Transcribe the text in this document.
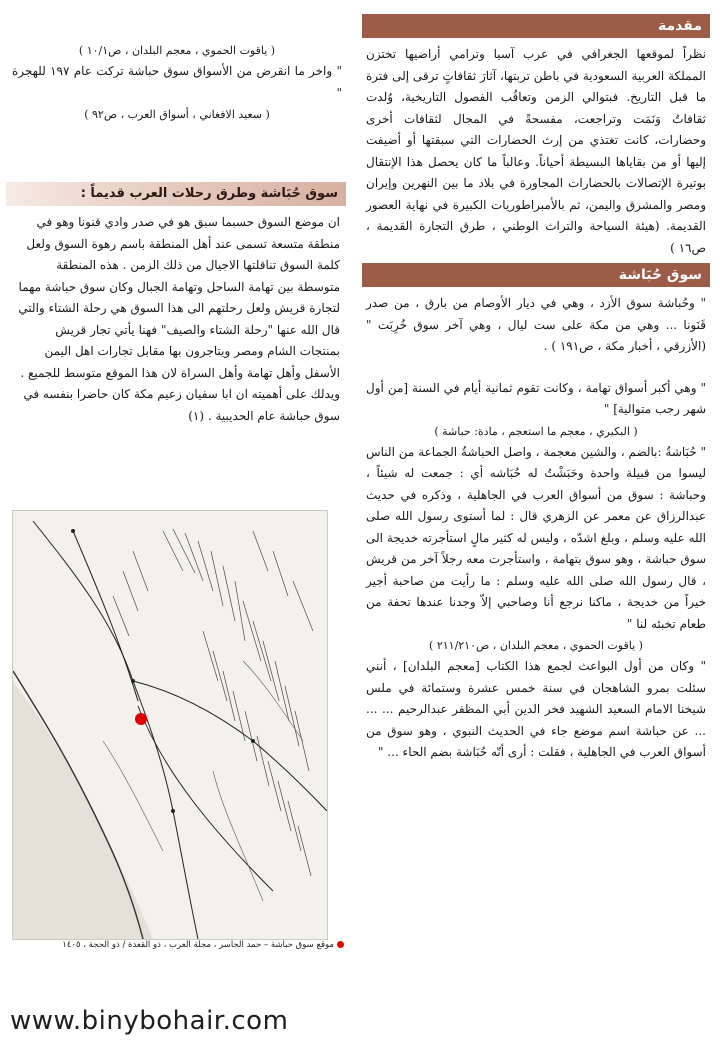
مقدمة

نظراً لموقعها الجغرافي في عرب آسيا وترامي أراضيها تختزن المملكة العربية السعودية في باطن تربتها، آثارَ ثقافاتٍ ترقى إلى فترة ما قبل التاريخ. فبتوالي الزمن وتعاقُب الفصول التاريخية، وُلدت ثقافاتٌ وَنَمَت وتراجعت، مفسحةً في المجال لثقافات أخرى وحضارات، كانت تغتذي من إرث الحضارات التي سبقتها أو أضيفت إليها أو من بقاياها البسيطة أحياناً. وعالباً ما كان يحصل هذا الإنتقال بوتيرة الإتصالات بالحضارات المجاورة في بلاد ما بين النهرين وإيران ومصر والمشرق واليمن، ثم بالأمبراطوريات الكبيرة في نهاية العصور القديمة. (هيئة السياحة والتراث الوطني ، طرق التجارة القديمة ، ص١٦ )

سوق حُبَاشة

" وحُباشة سوق الأزد ، وهي في ديار الأوصام من بارق ، من صدر قَنَونا ... وهي من مكة على ست ليال ، وهي آخر سوق خُرِبَت " (الأزرقي ، أخبار مكة ، ص١٩١ ) .

" وهي أكبر أسواق تهامة ، وكانت تقوم ثمانية أيام في السنة [من أول شهر رجب متوالية] "

( البكيري ، معجم ما استعجم ، مادة: حباشة )

" حُبَاشةُ :بالضم ، والشين معجمة ، واصل الحباشةُ الجماعة من الناس ليسوا من قبيلة واحدة وحَبَشْتُ له حُبَاشه أي : جمعت له شيئاً ، وحباشة : سوق من أسواق العرب في الجاهلية ، وذكره في حديث عبدالرزاق عن معمر عن الزهري قال : لما أستوى رسول الله صلى الله عليه وسلم ، وبلغ اشدّه ، وليس له كثير مالٍ استأجرته خديجة الى سوق حباشة ، وهو سوق بتهامة ، واستأجرت معه رجلاً آخر من قريش ، قال رسول الله صلى الله عليه وسلم : ما رأيت من صاحبة أجير خيراً من خديجة ، ماكنا نرجع أنا وصاحبي إلاّ وجدنا عندها تحفة من طعام تخبئه لنا "

( ياقوت الحموي ، معجم البلدان ، ص٢١١/٢١٠ )

" وكان من أول البواعث لجمع هذا الكتاب [معجم البلدان] ، أنني سئلت بمرو الشاهجان في سنة خمس عشرة وستمائة في ملس شيخنا الامام السعيد الشهيد فخر الدين أبي المظفر عبدالرحيم ... ... ... عن حباشة اسم موضع جاء في الحديث النبوي ، وهو سوق من أسواق العرب في الجاهلية ، فقلت : أرى أنّه حُبَاشة بضم الحاء ... "

( ياقوت الحموي ، معجم البلدان ، ص١٠/١ )

" واخر ما انقرض من الأسواق سوق حباشة تركت عام ١٩٧ للهجرة "

( سعيد الافغاني ، أسواق العرب ، ص٩٢ )

سوق حُبَاشة وطرق رحلات العرب قديماً :

ان موضع السوق حسبما سبق هو في صدر وادي قنونا وهو في منطقة متسعة تسمى عند أهل المنطقة باسم رهوة السوق ولعل كلمة السوق تناقلتها الاجيال من ذلك الزمن . هذه المنطقة متوسطة بين تهامة الساحل وتهامة الجبال وكان سوق حباشة مهما لتجارة قريش ولعل رحلتهم الى هذا السوق هي رحلة الشتاء والتي قال الله عنها "رحلة الشتاء والصيف" فهنا يأتي تجار قريش بمنتجات الشام ومصر ويتاجرون بها مقابل تجارات اهل اليمن الأسفل وأهل تهامة وأهل السراة لان هذا الموقع متوسط للجميع . ويدلك على أهميته ان ابا سفيان زعيم مكة كان حاضرا بنفسه في سوق حباشة عام الحديبية . (١)

موقع سوق حباشة – حمد الجاسر ، مجلة العرب ، ذو القعدة / ذو الحجة ، ١٤٠٥
www.binybohair.com
